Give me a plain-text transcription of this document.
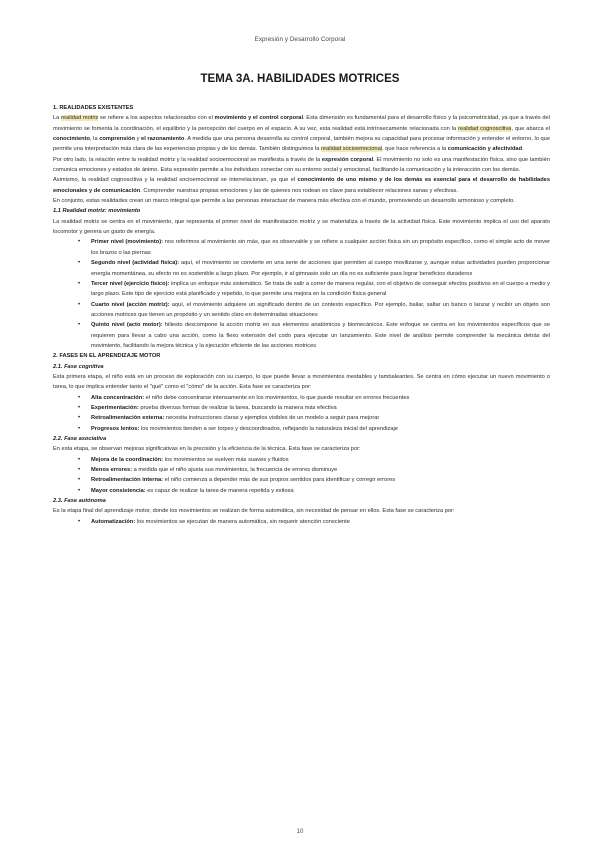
Expresión y Desarrollo Corporal
TEMA 3A. HABILIDADES MOTRICES

1. REALIDADES EXISTENTES

La realidad motriz se refiere a los aspectos relacionados con el movimiento y el control corporal. Esta dimensión es fundamental para el desarrollo físico y la psicomotricidad, ya que a través del movimiento se fomenta la coordinación, el equilibrio y la percepción del cuerpo en el espacio. A su vez, esta realidad está intrínsecamente relacionada con la realidad cognoscitiva, que abarca el conocimiento, la comprensión y el razonamiento. A medida que una persona desarrolla su control corporal, también mejora su capacidad para procesar información y entender el entorno, lo que permite una interpretación más clara de las experiencias propias y de los demás. También distinguimos la realidad socioemocional, que hace referencia a la comunicación y afectividad.

Por otro lado, la relación entre la realidad motriz y la realidad socioemocional se manifiesta a través de la expresión corporal. El movimiento no solo es una manifestación física, sino que también comunica emociones y estados de ánimo. Esta expresión permite a los individuos conectar con su entorno social y emocional, facilitando la comunicación y la interacción con los demás.

Asimismo, la realidad cognoscitiva y la realidad socioemocional se interrelacionan, ya que el conocimiento de uno mismo y de los demás es esencial para el desarrollo de habilidades emocionales y de comunicación. Comprender nuestras propias emociones y las de quienes nos rodean es clave para establecer relaciones sanas y efectivas.

En conjunto, estas realidades crean un marco integral que permite a las personas interactuar de manera más efectiva con el mundo, promoviendo un desarrollo armonioso y completo.

1.1 Realidad motriz: movimiento

La realidad motriz se centra en el movimiento, que representa el primer nivel de manifestación motriz y se materializa a través de la actividad física. Este movimiento implica el uso del aparato locomotor y genera un gasto de energía.

• Primer nivel (movimiento): nos referimos al movimiento sin más, que es observable y se refiere a cualquier acción física sin un propósito específico, como el simple acto de mover los brazos o las piernas
• Segundo nivel (actividad física): aquí, el movimiento se convierte en una serie de acciones que permiten al cuerpo movilizarse y, aunque estas actividades pueden proporcionar energía momentánea, su efecto no es sostenible a largo plazo. Por ejemplo, ir al gimnasio solo un día no es suficiente para lograr beneficios duraderos
• Tercer nivel (ejercicio físico): implica un enfoque más sistemático. Se trata de salir a correr de manera regular, con el objetivo de conseguir efectos positivos en el cuerpo a medio y largo plazo. Este tipo de ejercicio está planificado y repetido, lo que permite una mejora en la condición física general
• Cuarto nivel (acción motriz): aquí, el movimiento adquiere un significado dentro de un contexto específico. Por ejemplo, bailar, saltar un banco o lanzar y recibir un objeto son acciones motrices que tienen un propósito y un sentido claro en determinadas situaciones
• Quinto nivel (acto motor): hiliesto descompone la acción motriz en sus elementos anatómicos y biomecánicos. Este enfoque se centra en los movimientos específicos que se requieren para llevar a cabo una acción, como la flexo extensión del codo para ejecutar un lanzamiento. Este nivel de análisis permite comprender la mecánica detrás del movimiento, facilitando la mejora técnica y la ejecución eficiente de las acciones motrices

2. FASES EN EL APRENDIZAJE MOTOR

2.1. Fase cognitiva

Esta primera etapa, el niño está en un proceso de exploración con su cuerpo, lo que puede llevar a movimientos inestables y tambaleantes. Se centra en cómo ejecutar un nuevo movimiento o tarea, lo que implica entender tanto el "qué" como el "cómo" de la acción. Esta fase se caracteriza por:

• Alta concentración: el niño debe concentrarse intensamente en los movimientos, lo que puede resultar en errores frecuentes
• Experimentación: prueba diversas formas de realizar la tarea, buscando la manera más efectiva
• Retroalimentación externa: necesita instrucciones claras y ejemplos visibles de un modelo a seguir para mejorar
• Progresos lentos: los movimientos tienden a ser torpes y descoordinados, reflejando la naturaleza inicial del aprendizaje

2.2. Fase asociativa

En esta etapa, se observan mejoras significativas en la precisión y la eficiencia de la técnica. Esta fase se caracteriza por:

• Mejora de la coordinación: los movimientos se vuelven más suaves y fluidos
• Menos errores: a medida que el niño ajusta sus movimientos, la frecuencia de errores disminuye
• Retroalimentación interna: el niño comienza a depender más de sus propios sentidos para identificar y corregir errores
• Mayor consistencia: es capaz de realizar la tarea de manera repetida y exitosa

2.3. Fase autónoma

Es la etapa final del aprendizaje motor, donde los movimientos se realizan de forma automática, sin necesidad de pensar en ellos. Esta fase se caracteriza por:

• Automatización: los movimientos se ejecutan de manera automática, sin requerir atención consciente
10
